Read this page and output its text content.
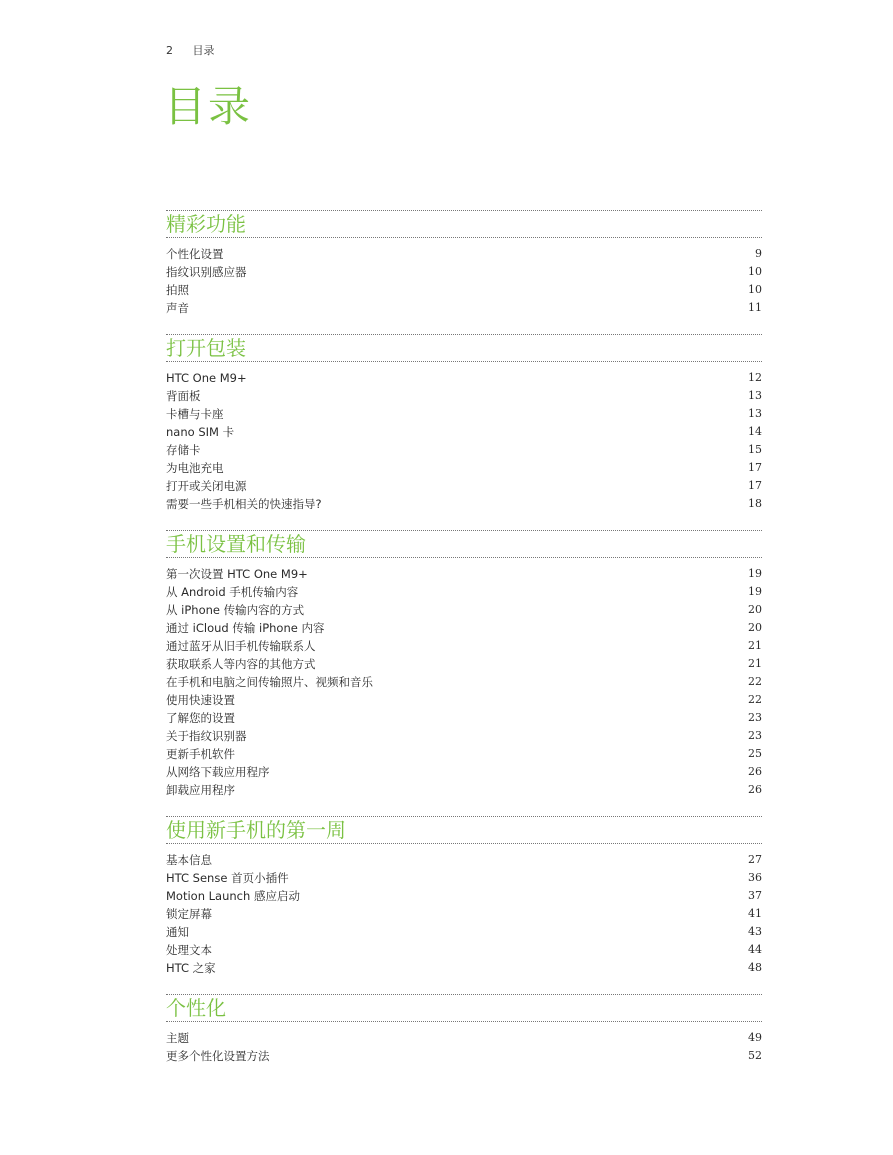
2 目录
目录
精彩功能
个性化设置	9
指纹识别感应器	10
拍照	10
声音	11
打开包装
HTC One M9+	12
背面板	13
卡槽与卡座	13
nano SIM 卡	14
存储卡	15
为电池充电	17
打开或关闭电源	17
需要一些手机相关的快速指导?	18
手机设置和传输
第一次设置 HTC One M9+	19
从 Android 手机传输内容	19
从 iPhone 传输内容的方式	20
通过 iCloud 传输 iPhone 内容	20
通过蓝牙从旧手机传输联系人	21
获取联系人等内容的其他方式	21
在手机和电脑之间传输照片、视频和音乐	22
使用快速设置	22
了解您的设置	23
关于指纹识别器	23
更新手机软件	25
从网络下载应用程序	26
卸载应用程序	26
使用新手机的第一周
基本信息	27
HTC Sense 首页小插件	36
Motion Launch 感应启动	37
锁定屏幕	41
通知	43
处理文本	44
HTC 之家	48
个性化
主题	49
更多个性化设置方法	52
